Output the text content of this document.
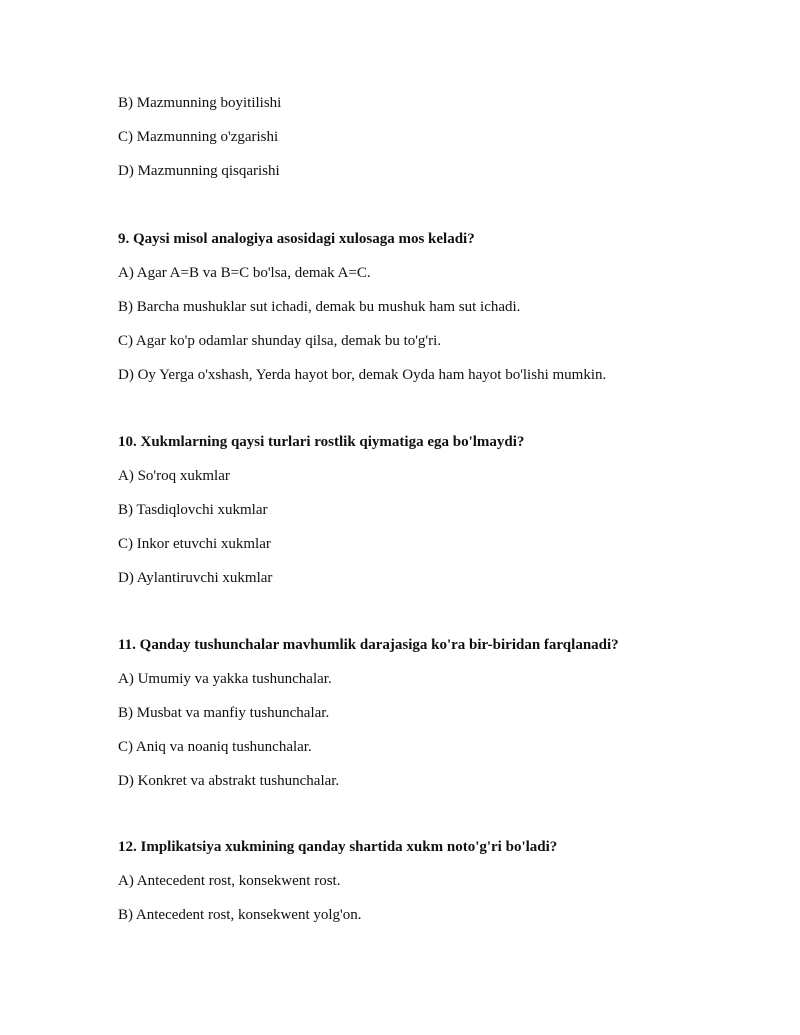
B) Mazmunning boyitilishi
C) Mazmunning o'zgarishi
D) Mazmunning qisqarishi
9. Qaysi misol analogiya asosidagi xulosaga mos keladi?
A) Agar A=B va B=C bo'lsa, demak A=C.
B) Barcha mushuklar sut ichadi, demak bu mushuk ham sut ichadi.
C) Agar ko'p odamlar shunday qilsa, demak bu to'g'ri.
D) Oy Yerga o'xshash, Yerda hayot bor, demak Oyda ham hayot bo'lishi mumkin.
10. Xukmlarning qaysi turlari rostlik qiymatiga ega bo'lmaydi?
A) So'roq xukmlar
B) Tasdiqlovchi xukmlar
C) Inkor etuvchi xukmlar
D) Aylantiruvchi xukmlar
11. Qanday tushunchalar mavhumlik darajasiga ko'ra bir-biridan farqlanadi?
A) Umumiy va yakka tushunchalar.
B) Musbat va manfiy tushunchalar.
C) Aniq va noaniq tushunchalar.
D) Konkret va abstrakt tushunchalar.
12. Implikatsiya xukmining qanday shartida xukm noto'g'ri bo'ladi?
A) Antecedent rost, konsekwent rost.
B) Antecedent rost, konsekwent yolg'on.
